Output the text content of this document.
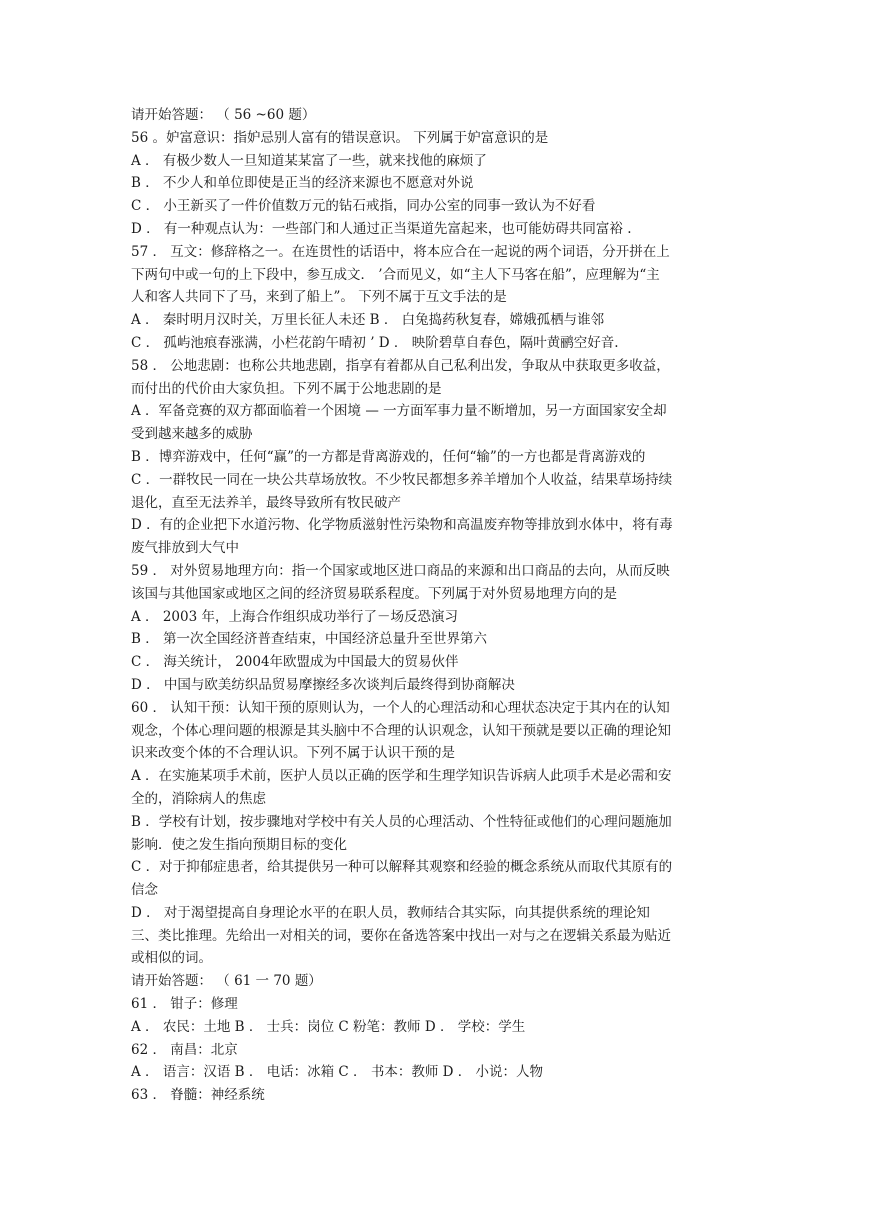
请开始答题： （ 56 ~60 题）
56 。妒富意识：指妒忌别人富有的错误意识。 下列属于妒富意识的是
A ． 有极少数人一旦知道某某富了一些，就来找他的麻烦了
B ． 不少人和单位即使是正当的经济来源也不愿意对外说
C ． 小王新买了一件价值数万元的钻石戒指，同办公室的同事一致认为不好看
D ． 有一种观点认为：一些部门和人通过正当渠道先富起来，也可能妨碍共同富裕 .
57 ． 互文：修辞格之一。在连贯性的话语中，将本应合在一起说的两个词语，分开拼在上
下两句中或一句的上下段中，参互成文． ’合而见义，如“主人下马客在船”，应理解为“主
人和客人共同下了马，来到了船上”。 下列不属于互文手法的是
A ． 秦时明月汉时关，万里长征人未还 B ． 白兔捣药秋复春，嫦娥孤栖与谁邻
C ． 孤屿池痕春涨满，小栏花韵午晴初 ’ D ． 映阶碧草自春色，隔叶黄鹂空好音.
58 ． 公地悲剧：也称公共地悲剧，指享有着都从自己私利出发，争取从中获取更多收益，
而付出的代价由大家负担。下列不属于公地悲剧的是
A ．军备竞赛的双方都面临着一个困境 — 一方面军事力量不断增加，另一方面国家安全却
受到越来越多的威胁
B ．博弈游戏中，任何“赢”的一方都是背离游戏的，任何“输”的一方也都是背离游戏的
C ．一群牧民一同在一块公共草场放牧。不少牧民都想多养羊增加个人收益，结果草场持续
退化，直至无法养羊，最终导致所有牧民破产
D ．有的企业把下水道污物、化学物质滋射性污染物和高温废弃物等排放到水体中，将有毒
废气排放到大气中
59 ． 对外贸易地理方向：指一个国家或地区进口商品的来源和出口商品的去向，从而反映
该国与其他国家或地区之间的经济贸易联系程度。下列属于对外贸易地理方向的是
A ． 2003 年，上海合作组织成功举行了－场反恐演习
B ． 第一次全国经济普查结束，中国经济总量升至世界第六
C ． 海关统计， 2004年欧盟成为中国最大的贸易伙伴
D ． 中国与欧美纺织品贸易摩擦经多次谈判后最终得到协商解决
60 ． 认知干预：认知干预的原则认为，一个人的心理活动和心理状态决定于其内在的认知
观念，个体心理问题的根源是其头脑中不合理的认识观念，认知干预就是要以正确的理论知
识来改变个体的不合理认识。下列不属于认识干预的是
A ．在实施某项手术前，医护人员以正确的医学和生理学知识告诉病人此项手术是必需和安
全的，消除病人的焦虑
B ．学校有计划，按步骤地对学校中有关人员的心理活动、个性特征或他们的心理问题施加
影响．使之发生指向预期目标的变化
C ．对于抑郁症患者，给其提供另一种可以解释其观察和经验的概念系统从而取代其原有的
信念
D ． 对于渴望提高自身理论水平的在职人员，教师结合其实际，向其提供系统的理论知
三、类比推理。先给出一对相关的词，要你在备选答案中找出一对与之在逻辑关系最为贴近
或相似的词。
请开始答题： （ 61 一 70 题）
61 ． 钳子：修理
A ． 农民：土地 B ． 士兵：岗位 C 粉笔：教师 D ． 学校：学生
62 ． 南昌：北京
A ． 语言：汉语 B ． 电话：冰箱 C ． 书本：教师 D ． 小说：人物
63 ． 脊髓：神经系统
